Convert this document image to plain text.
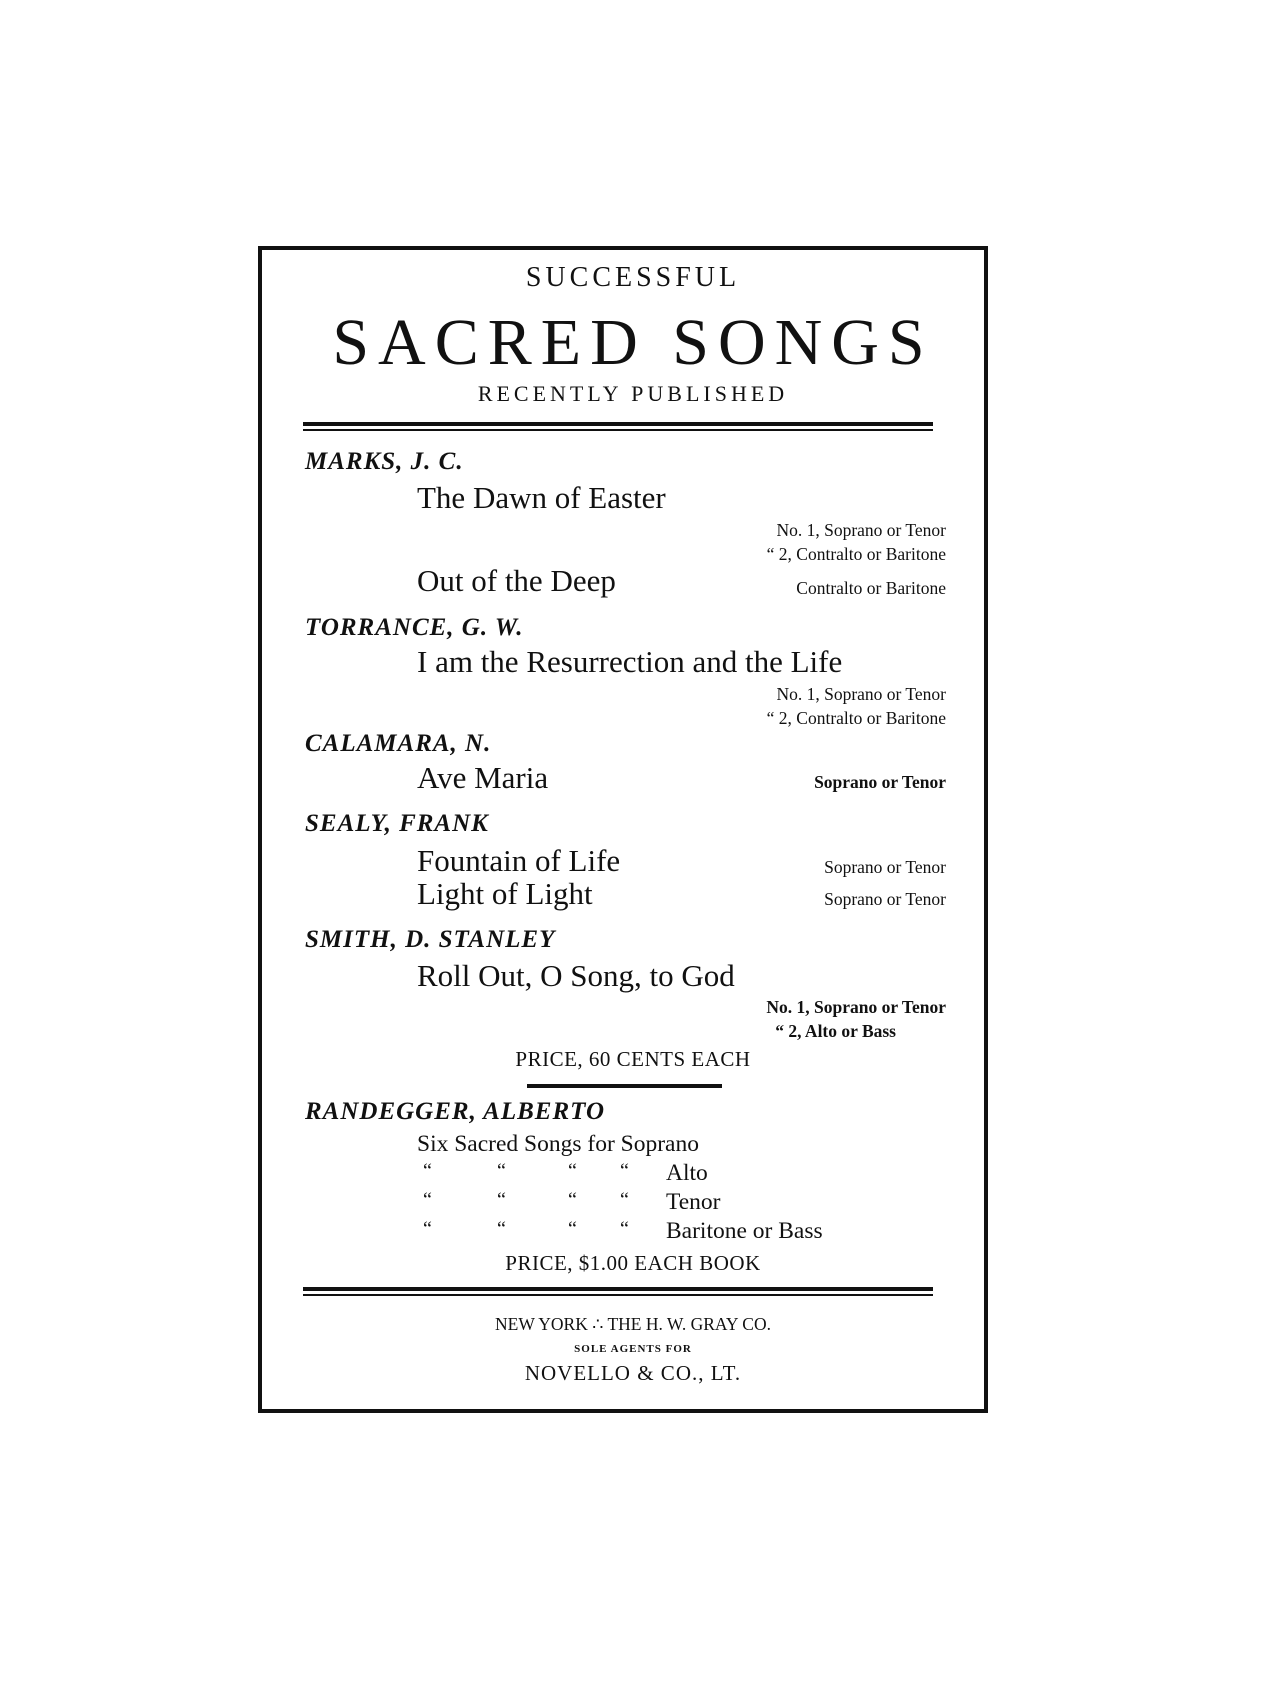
SUCCESSFUL
SACRED SONGS
RECENTLY PUBLISHED
MARKS, J. C.
The Dawn of Easter
No. 1, Soprano or Tenor
“ 2, Contralto or Baritone
Out of the Deep	Contralto or Baritone
TORRANCE, G. W.
I am the Resurrection and the Life
No. 1, Soprano or Tenor
“ 2, Contralto or Baritone
CALAMARA, N.
Ave Maria	Soprano or Tenor
SEALY, FRANK
Fountain of Life	Soprano or Tenor
Light of Light	Soprano or Tenor
SMITH, D. STANLEY
Roll Out, O Song, to God
No. 1, Soprano or Tenor
“ 2, Alto or Bass
PRICE, 60 CENTS EACH
RANDEGGER, ALBERTO
Six Sacred Songs for Soprano
“	“	“ “ Alto
“	“	“ “ Tenor
“	“	“ “ Baritone or Bass
PRICE, $1.00 EACH BOOK
NEW YORK ∴ THE H. W. GRAY CO.
SOLE AGENTS FOR
NOVELLO & CO., LT.
